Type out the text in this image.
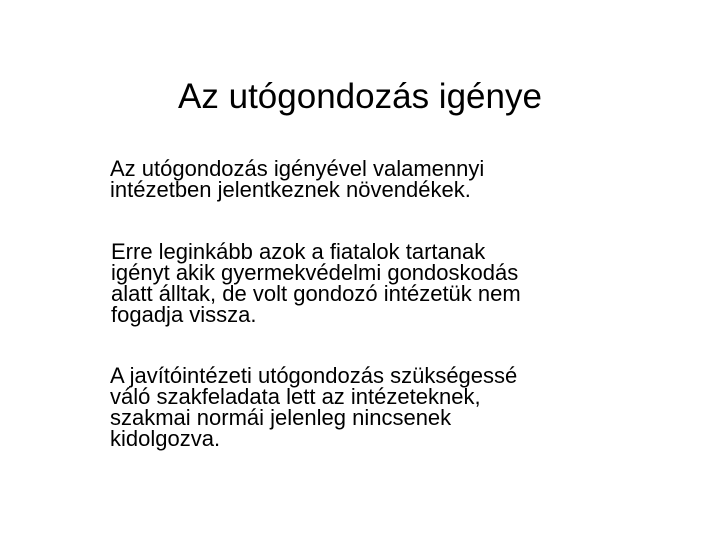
Az utógondozás igénye

Az utógondozás igényével valamennyi
intézetben jelentkeznek növendékek.

Erre leginkább azok a fiatalok tartanak
igényt akik gyermekvédelmi gondoskodás
alatt álltak, de volt gondozó intézetük nem
fogadja vissza.

A javítóintézeti utógondozás szükségessé
váló szakfeladata lett az intézeteknek,
szakmai normái jelenleg nincsenek
kidolgozva.
